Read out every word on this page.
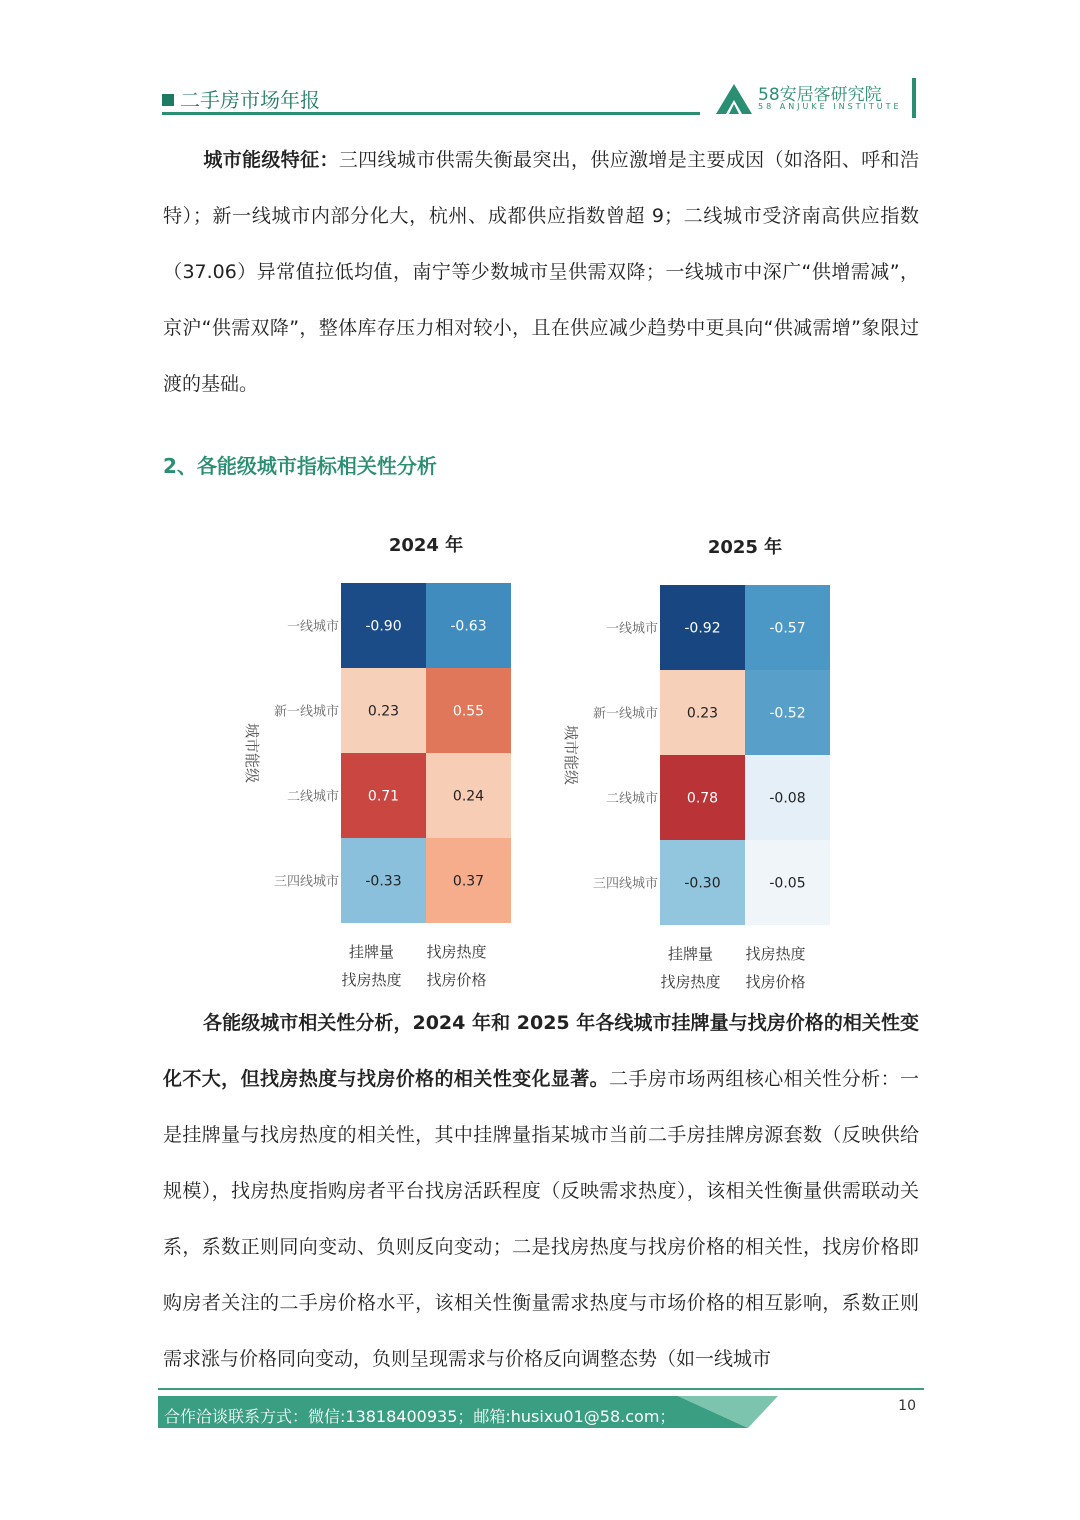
二手房市场年报	58安居客研究院
58 ANJUKE INSTITUTE
城市能级特征：三四线城市供需失衡最突出，供应激增是主要成因（如洛阳、呼和浩特）；新一线城市内部分化大，杭州、成都供应指数曾超 9；二线城市受济南高供应指数（37.06）异常值拉低均值，南宁等少数城市呈供需双降；一线城市中深广“供增需减”，京沪“供需双降”，整体库存压力相对较小，且在供应减少趋势中更具向“供减需增”象限过渡的基础。
2、各能级城市指标相关性分析
2024 年
城市能级
-0.90	-0.63
一线城市
0.23	0.55
新一线城市
0.71	0.24
二线城市
-0.33	0.37
三四线城市
挂牌量
找房热度
找房热度
找房价格
2025 年
城市能级
-0.92	-0.57
一线城市
0.23	-0.52
新一线城市
0.78	-0.08
二线城市
-0.30	-0.05
三四线城市
挂牌量
找房热度
找房热度
找房价格
各能级城市相关性分析，2024 年和 2025 年各线城市挂牌量与找房价格的相关性变化不大，但找房热度与找房价格的相关性变化显著。二手房市场两组核心相关性分析：一是挂牌量与找房热度的相关性，其中挂牌量指某城市当前二手房挂牌房源套数（反映供给规模），找房热度指购房者平台找房活跃程度（反映需求热度），该相关性衡量供需联动关系，系数正则同向变动、负则反向变动；二是找房热度与找房价格的相关性，找房价格即购房者关注的二手房价格水平，该相关性衡量需求热度与市场价格的相互影响，系数正则需求涨与价格同向变动，负则呈现需求与价格反向调整态势（如一线城市
合作洽谈联系方式：微信:13818400935；邮箱:husixu01@58.com；
10
